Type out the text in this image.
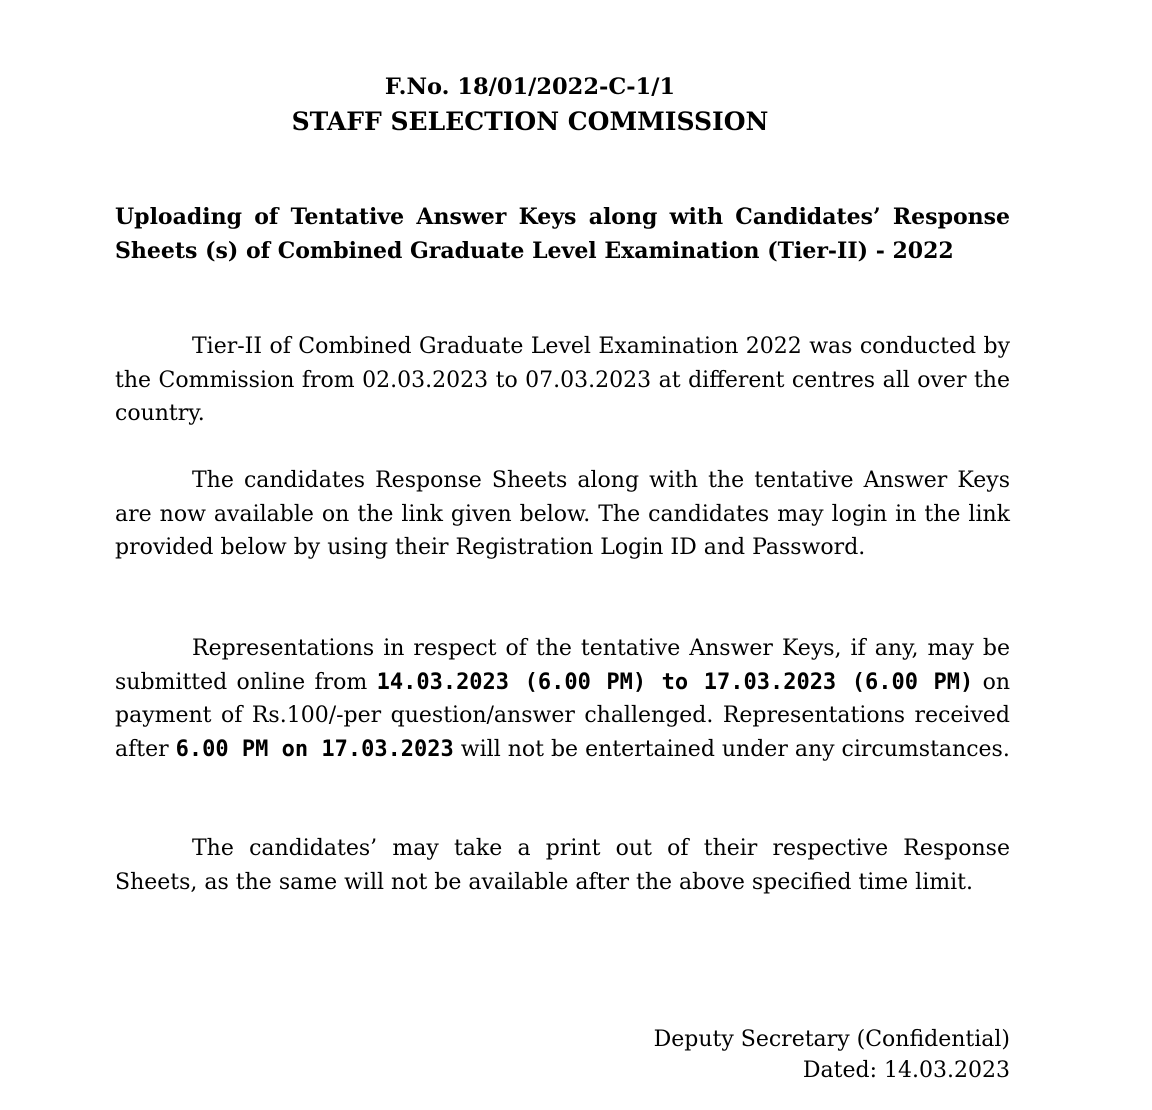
F.No. 18/01/2022-C-1/1
STAFF SELECTION COMMISSION
Uploading of Tentative Answer Keys along with Candidates’ Response Sheets (s) of Combined Graduate Level Examination (Tier-II) - 2022
Tier-II of Combined Graduate Level Examination 2022 was conducted by the Commission from 02.03.2023 to 07.03.2023 at different centres all over the country.
The candidates Response Sheets along with the tentative Answer Keys are now available on the link given below. The candidates may login in the link provided below by using their Registration Login ID and Password.
Representations in respect of the tentative Answer Keys, if any, may be submitted online from 14.03.2023 (6.00 PM) to 17.03.2023 (6.00 PM) on payment of Rs.100/-per question/answer challenged. Representations received after 6.00 PM on 17.03.2023 will not be entertained under any circumstances.
The candidates’ may take a print out of their respective Response Sheets, as the same will not be available after the above specified time limit.
Deputy Secretary (Confidential)
Dated: 14.03.2023
